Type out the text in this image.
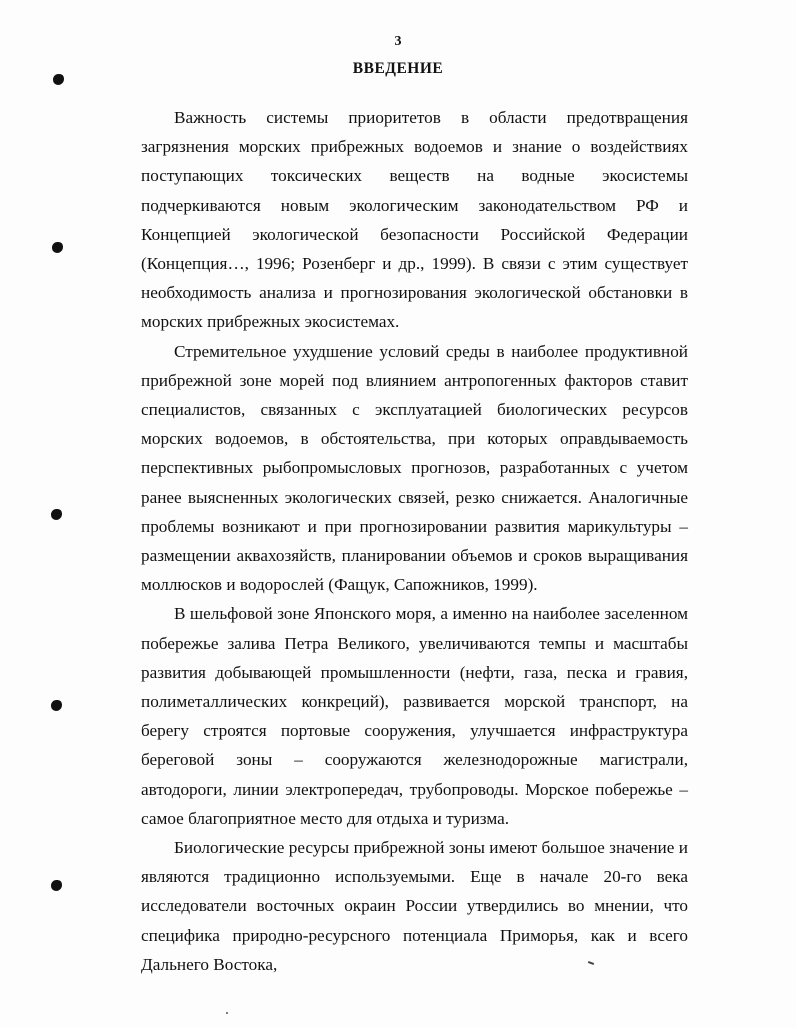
3
ВВЕДЕНИЕ

Важность системы приоритетов в области предотвращения загрязнения морских прибрежных водоемов и знание о воздействиях поступающих токсических веществ на водные экосистемы подчеркиваются новым экологическим законодательством РФ и Концепцией экологической безопасности Российской Федерации (Концепция…, 1996; Розенберг и др., 1999). В связи с этим существует необходимость анализа и прогнозирования экологической обстановки в морских прибрежных экосистемах.

Стремительное ухудшение условий среды в наиболее продуктивной прибрежной зоне морей под влиянием антропогенных факторов ставит специалистов, связанных с эксплуатацией биологических ресурсов морских водоемов, в обстоятельства, при которых оправдываемость перспективных рыбопромысловых прогнозов, разработанных с учетом ранее выясненных экологических связей, резко снижается. Аналогичные проблемы возникают и при прогнозировании развития марикультуры – размещении аквахозяйств, планировании объемов и сроков выращивания моллюсков и водорослей (Фащук, Сапожников, 1999).

В шельфовой зоне Японского моря, а именно на наиболее заселенном побережье залива Петра Великого, увеличиваются темпы и масштабы развития добывающей промышленности (нефти, газа, песка и гравия, полиметаллических конкреций), развивается морской транспорт, на берегу строятся портовые сооружения, улучшается инфраструктура береговой зоны – сооружаются железнодорожные магистрали, автодороги, линии электропередач, трубопроводы. Морское побережье – самое благоприятное место для отдыха и туризма.

Биологические ресурсы прибрежной зоны имеют большое значение и являются традиционно используемыми. Еще в начале 20-го века исследователи восточных окраин России утвердились во мнении, что специфика природно-ресурсного потенциала Приморья, как и всего Дальнего Востока,
